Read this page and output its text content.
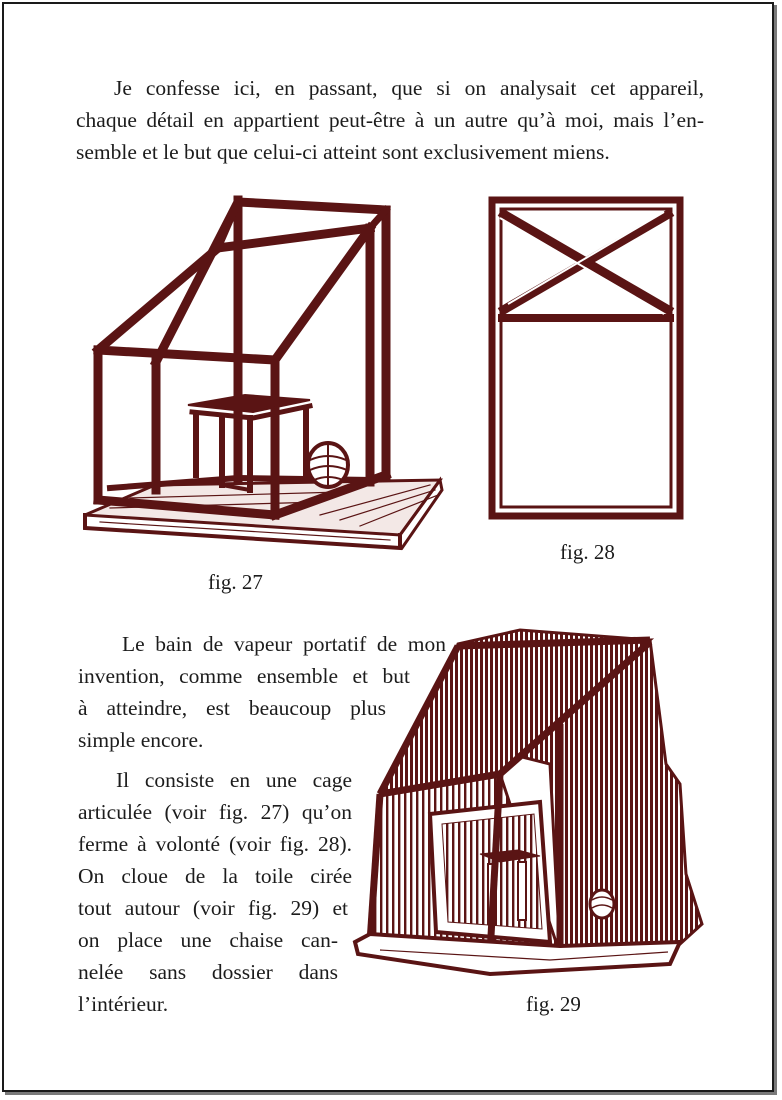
Je confesse ici, en passant, que si on analysait cet appareil,
chaque détail en appartient peut-être à un autre qu’à moi, mais l’en-
semble et le but que celui-ci atteint sont exclusivement miens.
fig. 27
fig. 28
Le bain de vapeur portatif de mon
invention, comme ensemble et but
à atteindre, est beaucoup plus
simple encore.
Il consiste en une cage
articulée (voir fig. 27) qu’on
ferme à volonté (voir fig. 28).
On cloue de la toile cirée
tout autour (voir fig. 29) et
on place une chaise can-
nelée sans dossier dans
l’intérieur.	fig. 29
